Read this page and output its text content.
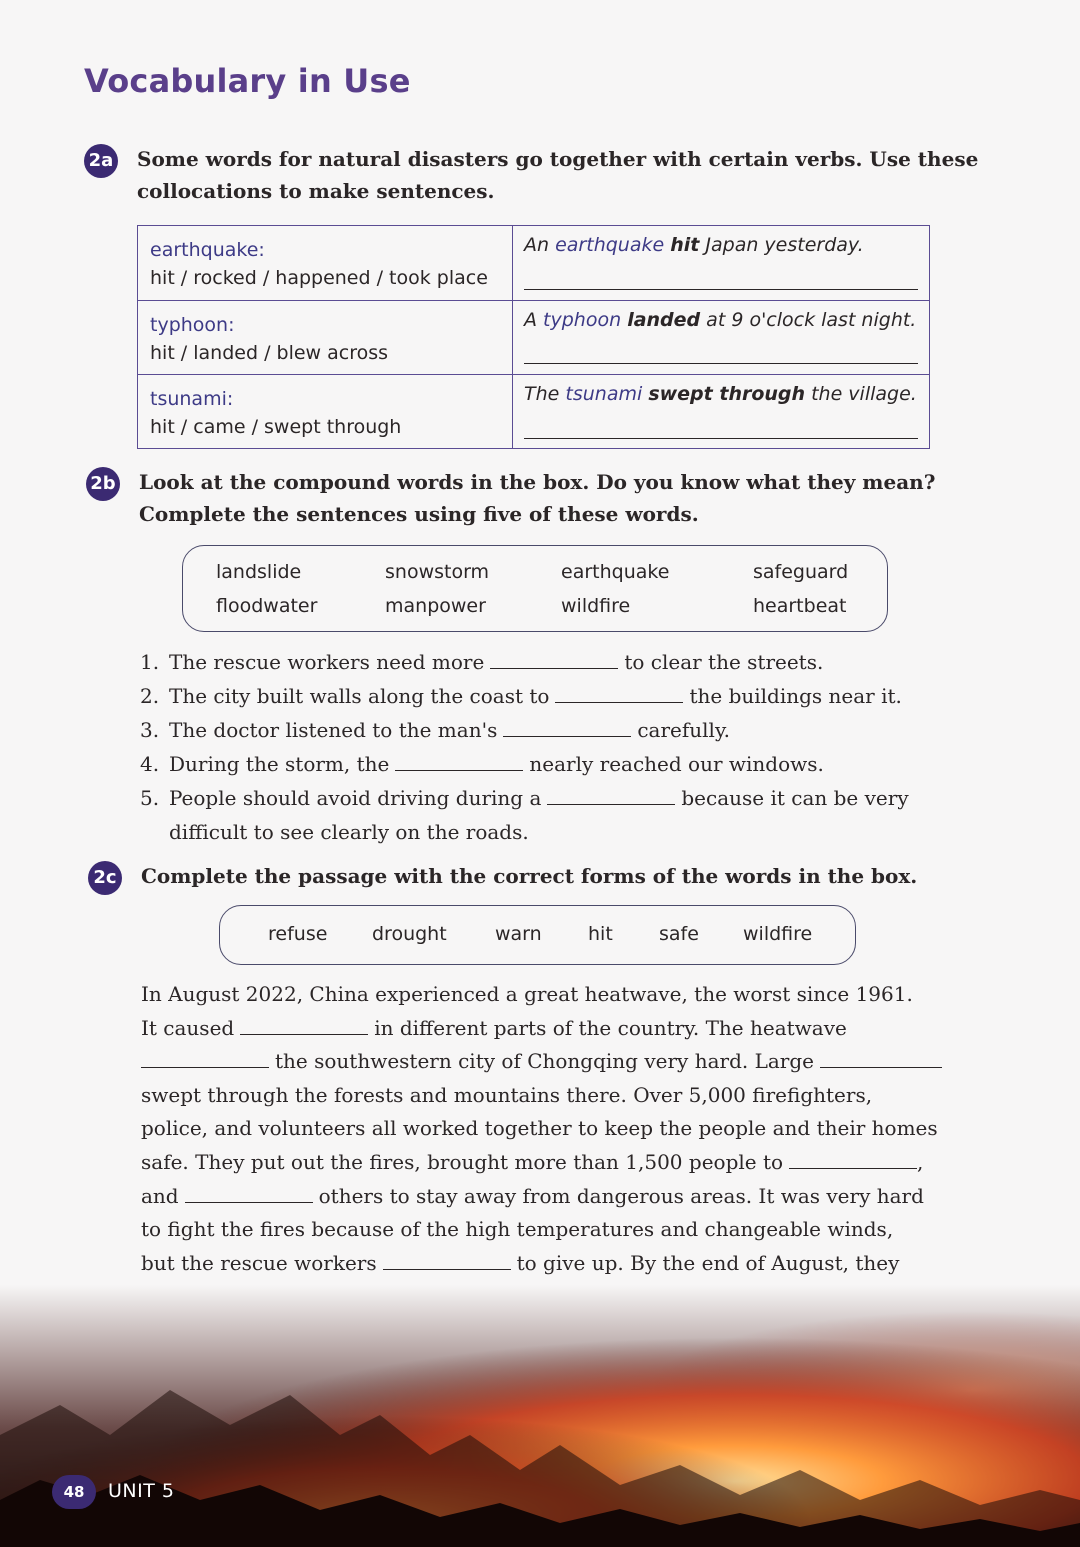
Vocabulary in Use
2a Some words for natural disasters go together with certain verbs. Use these
collocations to make sentences.

earthquake:
hit / rocked / happened / took place
An earthquake hit Japan yesterday.
typhoon:
hit / landed / blew across
A typhoon landed at 9 o'clock last night.
tsunami:
hit / came / swept through
The tsunami swept through the village.
2b Look at the compound words in the box. Do you know what they mean?
Complete the sentences using five of these words.

landslide	snowstorm	earthquake	safeguard
floodwater	manpower	wildfire	heartbeat
1. The rescue workers need more	to clear the streets.
2. The city built walls along the coast to	the buildings near it.
3. The doctor listened to the man's	carefully.
4. During the storm, the	nearly reached our windows.
5. People should avoid driving during a	because it can be very
difficult to see clearly on the roads.
2c Complete the passage with the correct forms of the words in the box.

refuse drought	warn hit safe wildfire
In August 2022, China experienced a great heatwave, the worst since 1961.
It caused	in different parts of the country. The heatwave
the southwestern city of Chongqing very hard. Large
swept through the forests and mountains there. Over 5,000 firefighters,
police, and volunteers all worked together to keep the people and their homes
safe. They put out the fires, brought more than 1,500 people to	,
and	others to stay away from dangerous areas. It was very hard
to fight the fires because of the high temperatures and changeable winds,
but the rescue workers	to give up. By the end of August, they
48	UNIT 5
